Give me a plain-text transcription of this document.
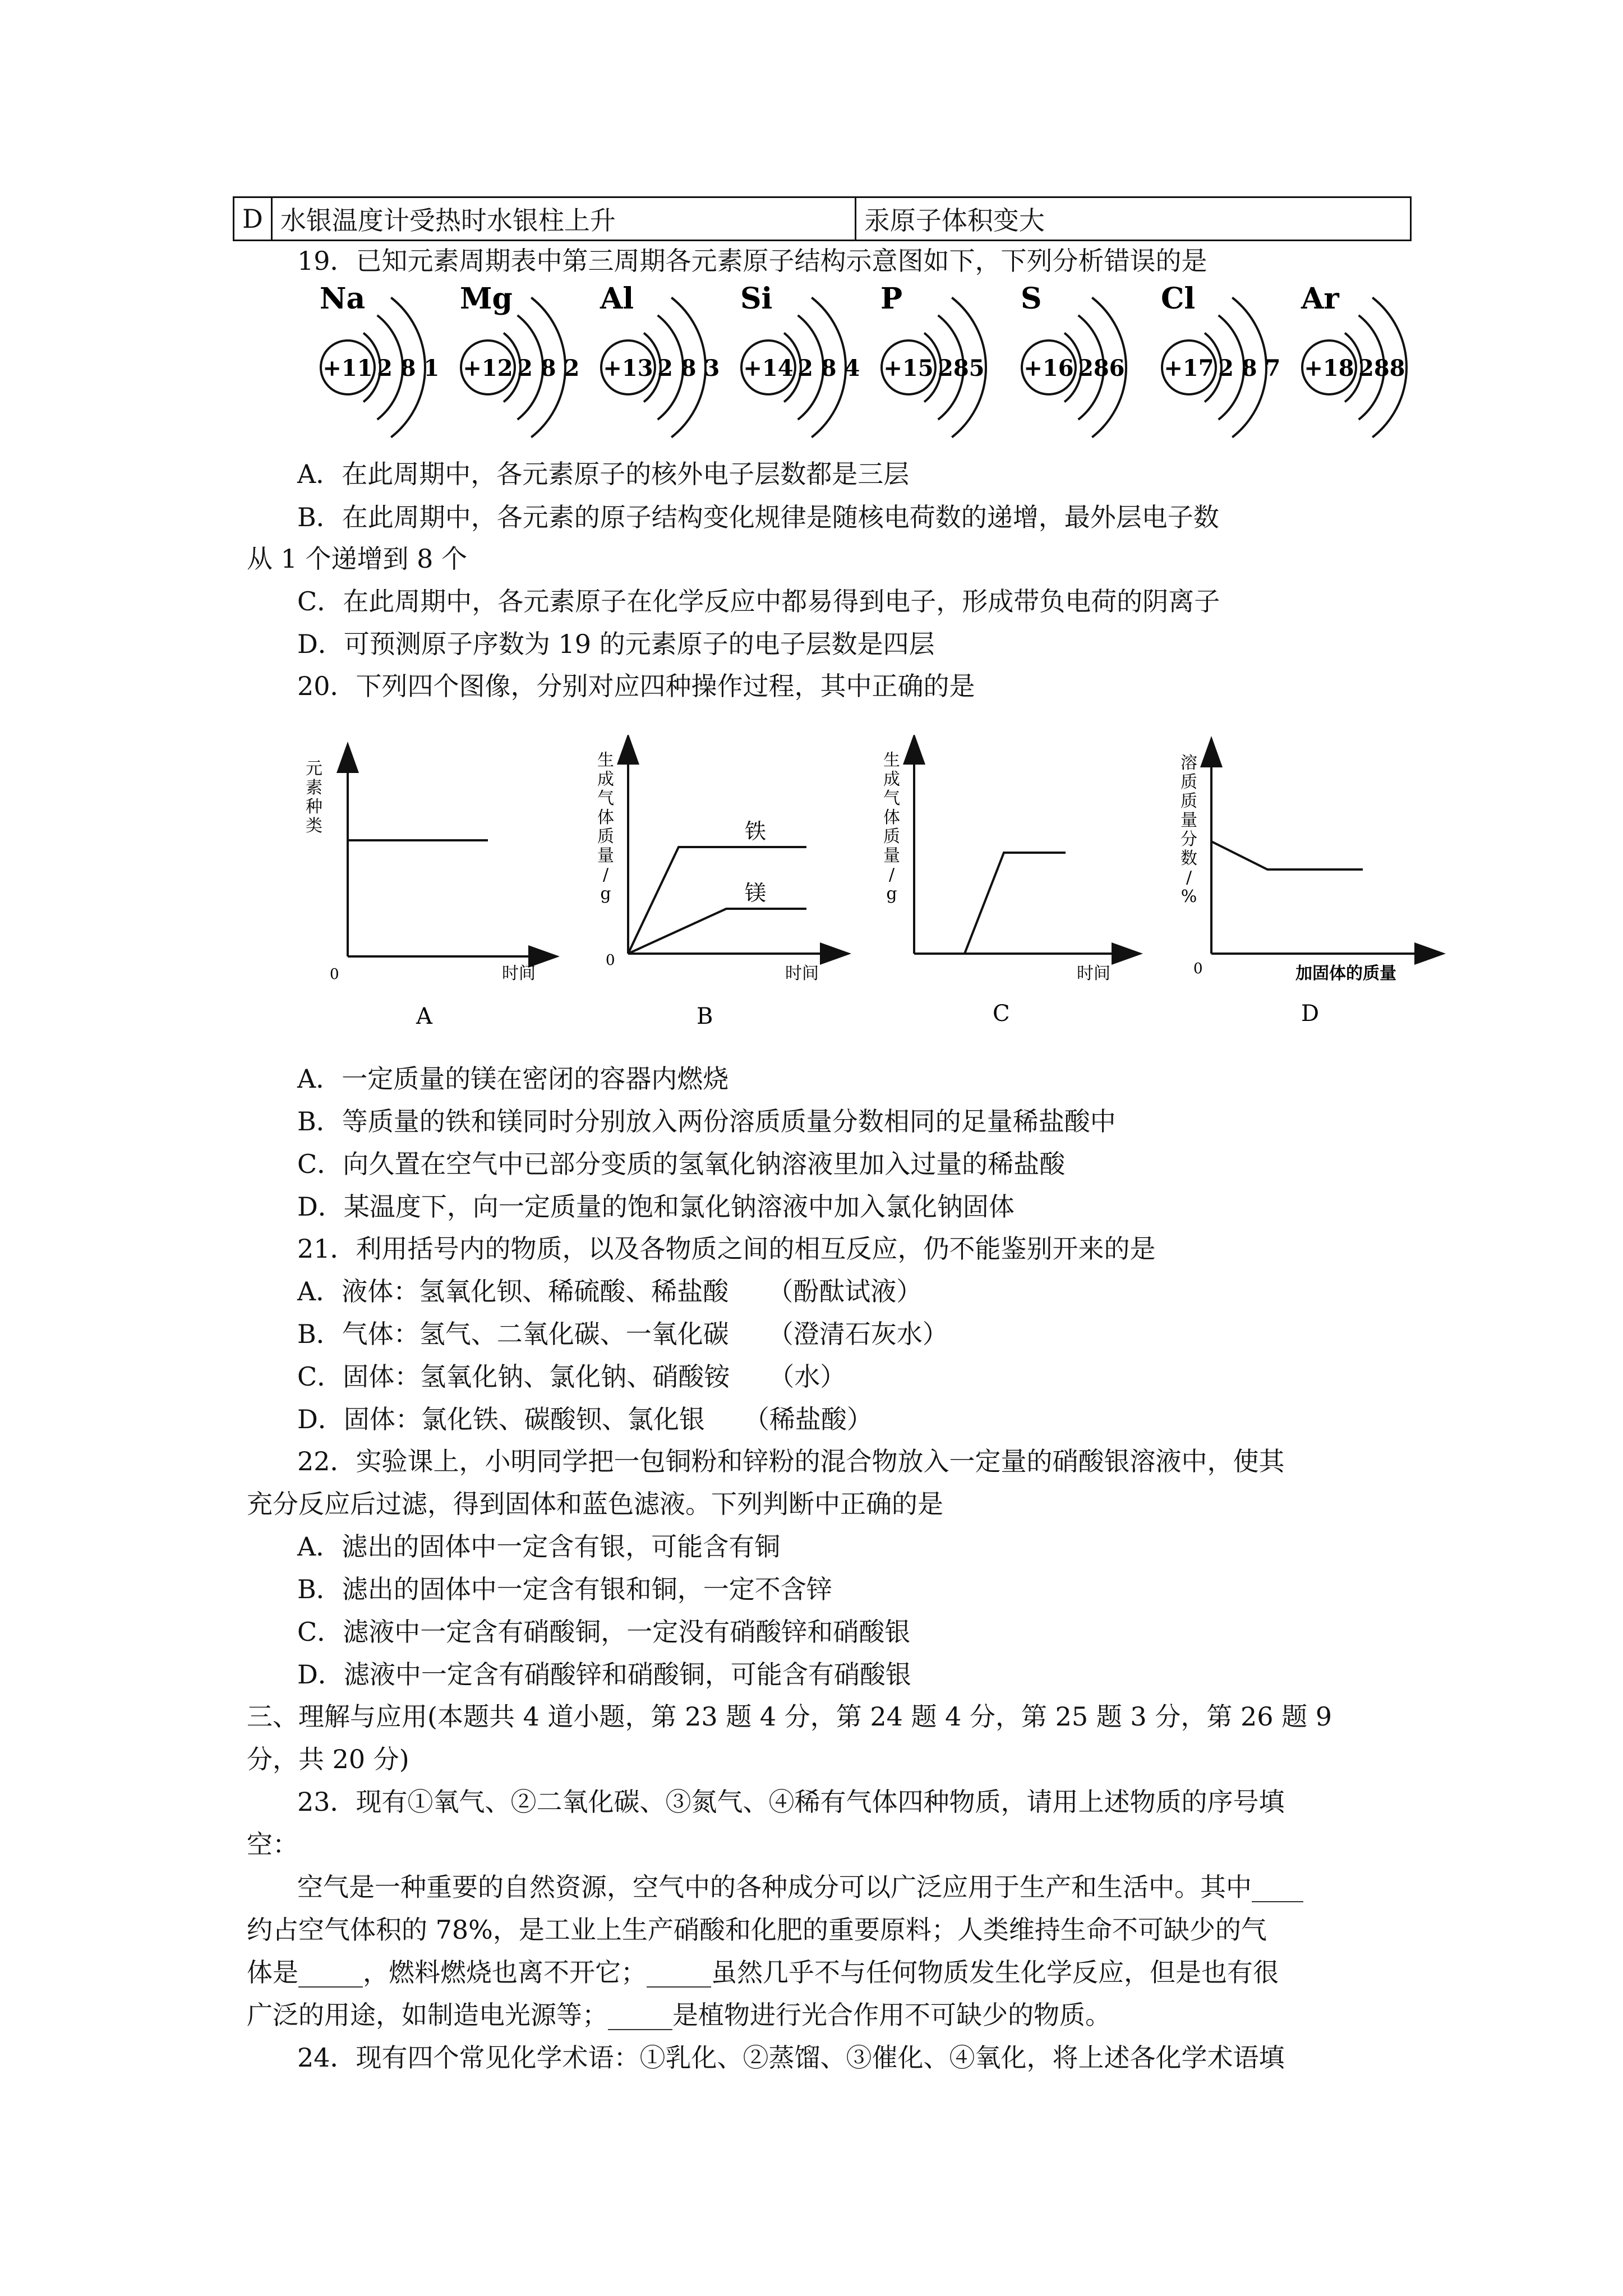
D	水银温度计受热时水银柱上升	汞原子体积变大
19．已知元素周期表中第三周期各元素原子结构示意图如下，下列分析错误的是
Na
+11 2 8 1
Mg
+12 2 8 2
Al
+13 2 8 3
Si
+14 2 8 4
P
+15 285
S
+16 286
Cl
+17 2 8 7
Ar
+18 288
A．在此周期中，各元素原子的核外电子层数都是三层
B．在此周期中，各元素的原子结构变化规律是随核电荷数的递增，最外层电子数
从 1 个递增到 8 个
C．在此周期中，各元素原子在化学反应中都易得到电子，形成带负电荷的阴离子
D．可预测原子序数为 19 的元素原子的电子层数是四层
20．下列四个图像，分别对应四种操作过程，其中正确的是
元
素
种
类
0	时间
A
生
成
气
体
质
量
/
g
铁
镁
0
时间
B
生
成
气
体
质
量
/
g
时间
C
溶
质
质
量
分
数
/
%
0	加固体的质量
D
A．一定质量的镁在密闭的容器内燃烧
B．等质量的铁和镁同时分别放入两份溶质质量分数相同的足量稀盐酸中
C．向久置在空气中已部分变质的氢氧化钠溶液里加入过量的稀盐酸
D．某温度下，向一定质量的饱和氯化钠溶液中加入氯化钠固体
21．利用括号内的物质，以及各物质之间的相互反应，仍不能鉴别开来的是
A．液体：氢氧化钡、稀硫酸、稀盐酸　　（酚酞试液）
B．气体：氢气、二氧化碳、一氧化碳　　（澄清石灰水）
C．固体：氢氧化钠、氯化钠、硝酸铵　　（水）
D．固体：氯化铁、碳酸钡、氯化银　　（稀盐酸）
22．实验课上，小明同学把一包铜粉和锌粉的混合物放入一定量的硝酸银溶液中，使其
充分反应后过滤，得到固体和蓝色滤液。下列判断中正确的是
A．滤出的固体中一定含有银，可能含有铜
B．滤出的固体中一定含有银和铜，一定不含锌
C．滤液中一定含有硝酸铜，一定没有硝酸锌和硝酸银
D．滤液中一定含有硝酸锌和硝酸铜，可能含有硝酸银
三、理解与应用(本题共 4 道小题，第 23 题 4 分，第 24 题 4 分，第 25 题 3 分，第 26 题 9
分，共 20 分)
23．现有①氧气、②二氧化碳、③氮气、④稀有气体四种物质，请用上述物质的序号填
空：
空气是一种重要的自然资源，空气中的各种成分可以广泛应用于生产和生活中。其中____
约占空气体积的 78%，是工业上生产硝酸和化肥的重要原料；人类维持生命不可缺少的气
体是_____，燃料燃烧也离不开它；_____虽然几乎不与任何物质发生化学反应，但是也有很
广泛的用途，如制造电光源等；_____是植物进行光合作用不可缺少的物质。
24．现有四个常见化学术语：①乳化、②蒸馏、③催化、④氧化，将上述各化学术语填
